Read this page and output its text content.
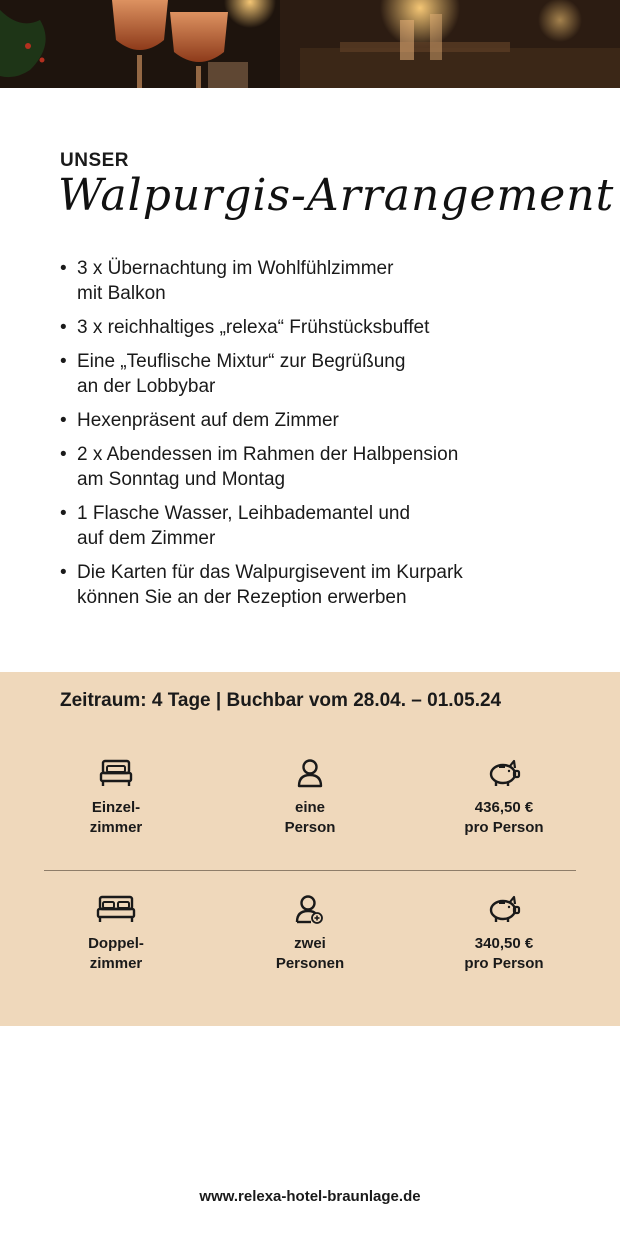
UNSER
Walpurgis-Arrangement
• 3 x Übernachtung im Wohlfühlzimmer
mit Balkon
• 3 x reichhaltiges „relexa“ Frühstücksbuffet
• Eine „Teuflische Mixtur“ zur Begrüßung
an der Lobbybar
• Hexenpräsent auf dem Zimmer
• 2 x Abendessen im Rahmen der Halbpension
am Sonntag und Montag
• 1 Flasche Wasser, Leihbademantel und
auf dem Zimmer
• Die Karten für das Walpurgisevent im Kurpark
können Sie an der Rezeption erwerben
Zeitraum: 4 Tage | Buchbar vom 28.04. – 01.05.24
Einzel-
zimmer
eine
Person
436,50 €
pro Person
Doppel-
zimmer
zwei
Personen
340,50 €
pro Person
www.relexa-hotel-braunlage.de
